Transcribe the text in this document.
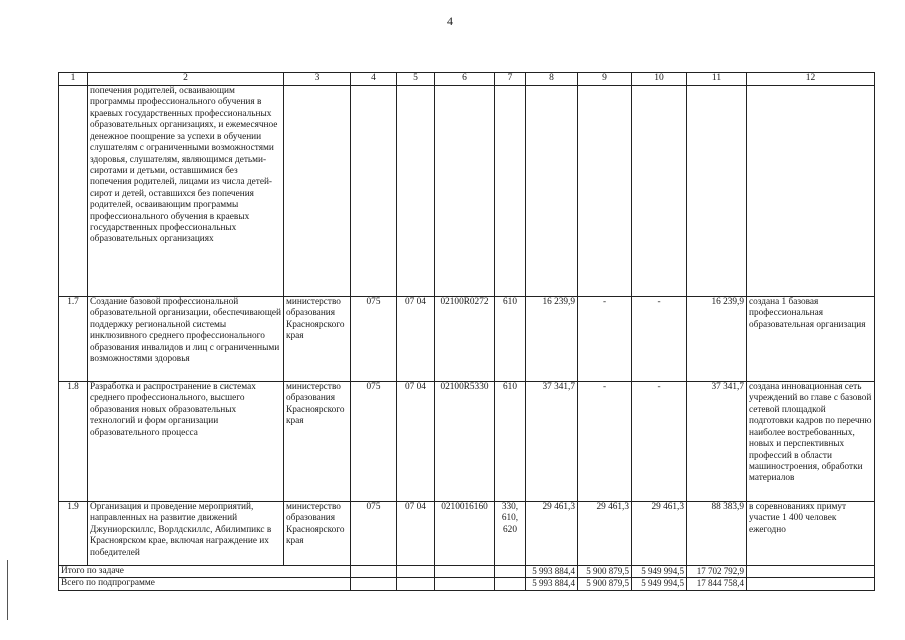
4
1	2	3	4	5	6	7	8	9	10	11	12
	попечения родителей, осваивающим программы профессионального обучения в краевых государственных профессиональных образовательных организациях, и ежемесячное денежное поощрение за успехи в обучении слушателям с ограниченными возможностями здоровья, слушателям, являющимся детьми-сиротами и детьми, оставшимися без попечения родителей, лицами из числа детей-сирот и детей, оставшихся без попечения родителей, осваивающим программы профессионального обучения в краевых государственных профессиональных образовательных организациях										
1.7	Создание базовой профессиональной образовательной организации, обеспечивающей поддержку региональной системы инклюзивного среднего профессионального образования инвалидов и лиц с ограниченными возможностями здоровья	министерство образования Красноярского края	075	07 04	02100R0272	610	16 239,9	-	-	16 239,9	создана 1 базовая профессиональная образовательная организация
1.8	Разработка и распространение в системах среднего профессионального, высшего образования новых образовательных технологий и форм организации образовательного процесса	министерство образования Красноярского края	075	07 04	02100R5330	610	37 341,7	-	-	37 341,7	создана инновационная сеть учреждений во главе с базовой сетевой площадкой подготовки кадров по перечню наиболее востребованных, новых и перспективных профессий в области машиностроения, обработки материалов
1.9	Организация и проведение мероприятий, направленных на развитие движений Джуниорскиллс, Ворлдскиллс, Абилимпикс в Красноярском крае, включая награждение их победителей	министерство образования Красноярского края	075	07 04	0210016160	330, 610, 620	29 461,3	29 461,3	29 461,3	88 383,9	в соревнованиях примут участие 1 400 человек ежегодно
Итого по задаче							5 993 884,4	5 900 879,5	5 949 994,5	17 702 792,9	
Всего по подпрограмме							5 993 884,4	5 900 879,5	5 949 994,5	17 844 758,4	
